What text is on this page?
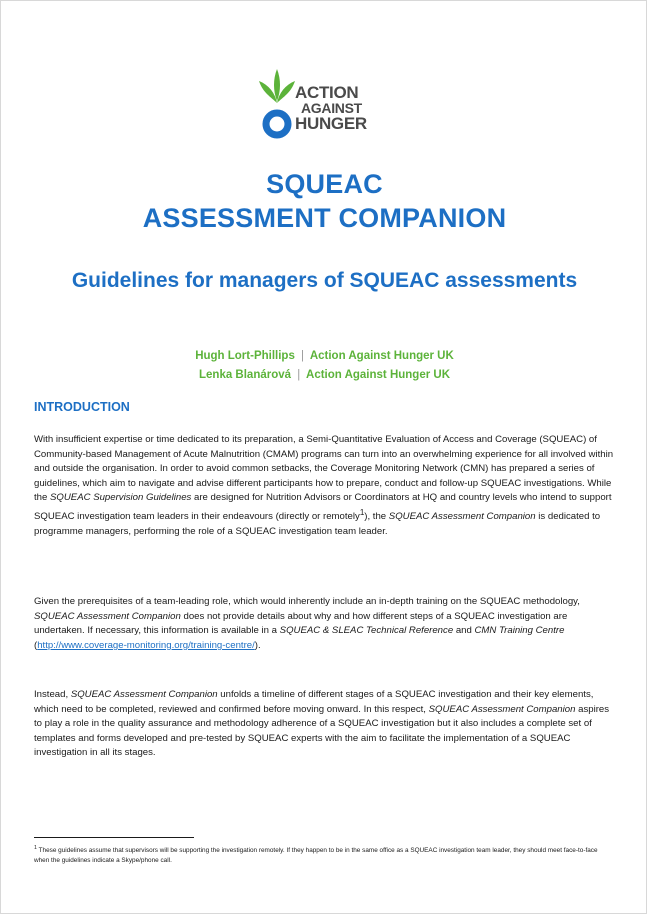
ACTION
AGAINST
HUNGER
SQUEAC
ASSESSMENT COMPANION
Guidelines for managers of SQUEAC assessments
Hugh Lort-Phillips | Action Against Hunger UK
Lenka Blanárová | Action Against Hunger UK
INTRODUCTION
With insufficient expertise or time dedicated to its preparation, a Semi-Quantitative Evaluation of Access and Coverage (SQUEAC) of Community-based Management of Acute Malnutrition (CMAM) programs can turn into an overwhelming experience for all involved within and outside the organisation. In order to avoid common setbacks, the Coverage Monitoring Network (CMN) has prepared a series of guidelines, which aim to navigate and advise different participants how to prepare, conduct and follow-up SQUEAC investigations. While the SQUEAC Supervision Guidelines are designed for Nutrition Advisors or Coordinators at HQ and country levels who intend to support SQUEAC investigation team leaders in their endeavours (directly or remotely$^1$), the SQUEAC Assessment Companion is dedicated to programme managers, performing the role of a SQUEAC investigation team leader.
Given the prerequisites of a team-leading role, which would inherently include an in-depth training on the SQUEAC methodology, SQUEAC Assessment Companion does not provide details about why and how different steps of a SQUEAC investigation are undertaken. If necessary, this information is available in a SQUEAC & SLEAC Technical Reference and CMN Training Centre (http://www.coverage-monitoring.org/training-centre/).
Instead, SQUEAC Assessment Companion unfolds a timeline of different stages of a SQUEAC investigation and their key elements, which need to be completed, reviewed and confirmed before moving onward. In this respect, SQUEAC Assessment Companion aspires to play a role in the quality assurance and methodology adherence of a SQUEAC investigation but it also includes a complete set of templates and forms developed and pre-tested by SQUEAC experts with the aim to facilitate the implementation of a SQUEAC investigation in all its stages.
$^1$ These guidelines assume that supervisors will be supporting the investigation remotely. If they happen to be in the same office as a SQUEAC investigation team leader, they should meet face-to-face when the guidelines indicate a Skype/phone call.
